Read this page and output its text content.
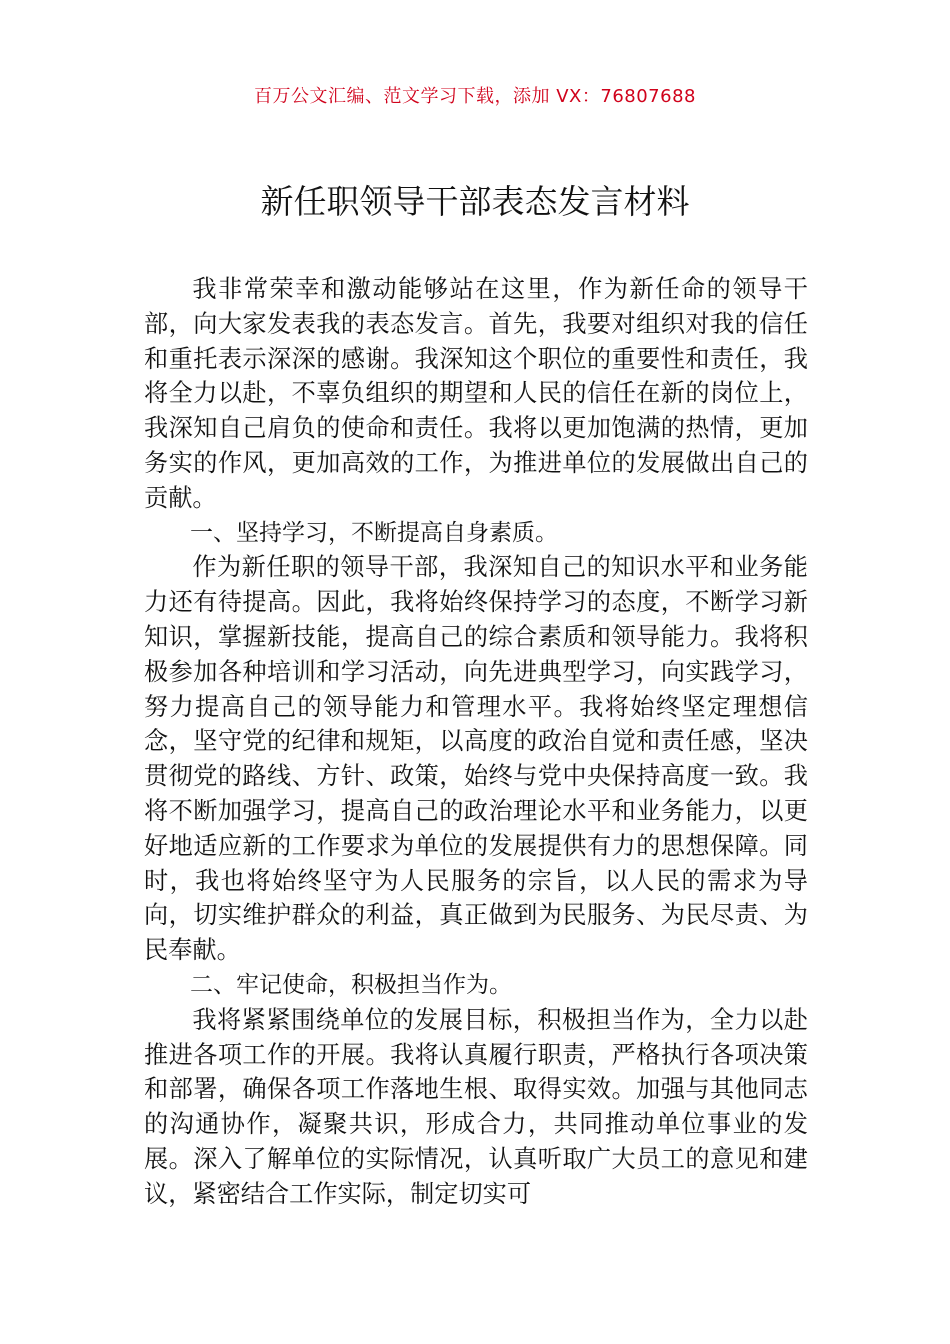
百万公文汇编、范文学习下载，添加 VX：76807688
新任职领导干部表态发言材料

我非常荣幸和激动能够站在这里，作为新任命的领导干部，向大家发表我的表态发言。首先，我要对组织对我的信任和重托表示深深的感谢。我深知这个职位的重要性和责任，我将全力以赴，不辜负组织的期望和人民的信任在新的岗位上，我深知自己肩负的使命和责任。我将以更加饱满的热情，更加务实的作风，更加高效的工作，为推进单位的发展做出自己的贡献。

一、坚持学习，不断提高自身素质。

作为新任职的领导干部，我深知自己的知识水平和业务能力还有待提高。因此，我将始终保持学习的态度，不断学习新知识，掌握新技能，提高自己的综合素质和领导能力。我将积极参加各种培训和学习活动，向先进典型学习，向实践学习，努力提高自己的领导能力和管理水平。我将始终坚定理想信念，坚守党的纪律和规矩，以高度的政治自觉和责任感，坚决贯彻党的路线、方针、政策，始终与党中央保持高度一致。我将不断加强学习，提高自己的政治理论水平和业务能力，以更好地适应新的工作要求为单位的发展提供有力的思想保障。同时，我也将始终坚守为人民服务的宗旨，以人民的需求为导向，切实维护群众的利益，真正做到为民服务、为民尽责、为民奉献。

二、牢记使命，积极担当作为。

我将紧紧围绕单位的发展目标，积极担当作为，全力以赴推进各项工作的开展。我将认真履行职责，严格执行各项决策和部署，确保各项工作落地生根、取得实效。加强与其他同志的沟通协作，凝聚共识，形成合力，共同推动单位事业的发展。深入了解单位的实际情况，认真听取广大员工的意见和建议，紧密结合工作实际，制定切实可
